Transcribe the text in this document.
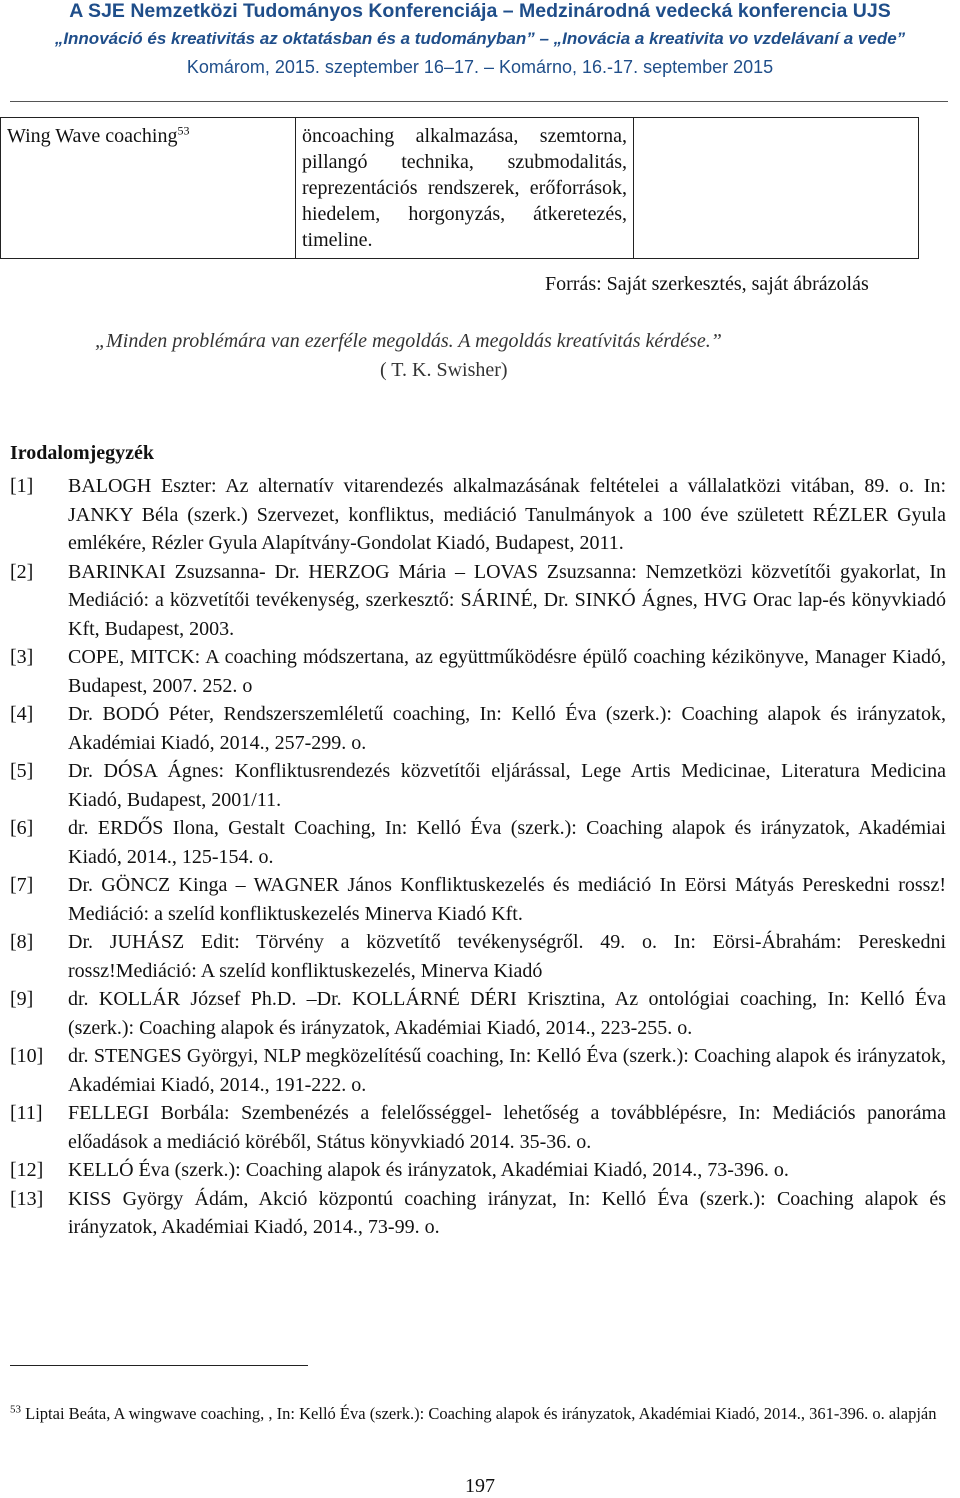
A SJE Nemzetközi Tudományos Konferenciája – Medzinárodná vedecká konferencia UJS
„Innováció és kreativitás az oktatásban és a tudományban” – „Inovácia a kreativita vo vzdelávaní a vede”
Komárom, 2015. szeptember 16–17. – Komárno, 16.-17. september 2015
Wing Wave coaching$^{53}$	öncoaching alkalmazása, szemtorna, pillangó technika, szubmodalitás, reprezentációs rendszerek, erőforrások, hiedelem, horgonyzás, átkeretezés, timeline.	
Forrás: Saját szerkesztés, saját ábrázolás
„Minden problémára van ezerféle megoldás. A megoldás kreatívitás kérdése.”
( T. K. Swisher)
Irodalomjegyzék
[1]	BALOGH Eszter: Az alternatív vitarendezés alkalmazásának feltételei a vállalatközi vitában, 89. o. In: JANKY Béla (szerk.) Szervezet, konfliktus, mediáció Tanulmányok a 100 éve született RÉZLER Gyula emlékére, Rézler Gyula Alapítvány-Gondolat Kiadó, Budapest, 2011.
[2]	BARINKAI Zsuzsanna- Dr. HERZOG Mária – LOVAS Zsuzsanna: Nemzetközi közvetítői gyakorlat, In Mediáció: a közvetítői tevékenység, szerkesztő: SÁRINÉ, Dr. SINKÓ Ágnes, HVG Orac lap-és könyvkiadó Kft, Budapest, 2003.
[3]	COPE, MITCK: A coaching módszertana, az együttműködésre épülő coaching kézikönyve, Manager Kiadó, Budapest, 2007. 252. o
[4]	Dr. BODÓ Péter, Rendszerszemléletű coaching, In: Kelló Éva (szerk.): Coaching alapok és irányzatok, Akadémiai Kiadó, 2014., 257-299. o.
[5]	Dr. DÓSA Ágnes: Konfliktusrendezés közvetítői eljárással, Lege Artis Medicinae, Literatura Medicina Kiadó, Budapest, 2001/11.
[6]	dr. ERDŐS Ilona, Gestalt Coaching, In: Kelló Éva (szerk.): Coaching alapok és irányzatok, Akadémiai Kiadó, 2014., 125-154. o.
[7]	Dr. GÖNCZ Kinga – WAGNER János Konfliktuskezelés és mediáció In Eörsi Mátyás Pereskedni rossz! Mediáció: a szelíd konfliktuskezelés Minerva Kiadó Kft.
[8]	Dr. JUHÁSZ Edit: Törvény a közvetítő tevékenységről. 49. o. In: Eörsi-Ábrahám: Pereskedni rossz!Mediáció: A szelíd konfliktuskezelés, Minerva Kiadó
[9]	dr. KOLLÁR József Ph.D. –Dr. KOLLÁRNÉ DÉRI Krisztina, Az ontológiai coaching, In: Kelló Éva (szerk.): Coaching alapok és irányzatok, Akadémiai Kiadó, 2014., 223-255. o.
[10]	dr. STENGES Györgyi, NLP megközelítésű coaching, In: Kelló Éva (szerk.): Coaching alapok és irányzatok, Akadémiai Kiadó, 2014., 191-222. o.
[11]	FELLEGI Borbála: Szembenézés a felelősséggel- lehetőség a továbblépésre, In: Mediációs panoráma előadások a mediáció köréből, Státus könyvkiadó 2014. 35-36. o.
[12]	KELLÓ Éva (szerk.): Coaching alapok és irányzatok, Akadémiai Kiadó, 2014., 73-396. o.
[13]	KISS György Ádám, Akció központú coaching irányzat, In: Kelló Éva (szerk.): Coaching alapok és irányzatok, Akadémiai Kiadó, 2014., 73-99. o.
$^{53}$ Liptai Beáta, A wingwave coaching, , In: Kelló Éva (szerk.): Coaching alapok és irányzatok, Akadémiai Kiadó, 2014., 361-396. o. alapján
197
